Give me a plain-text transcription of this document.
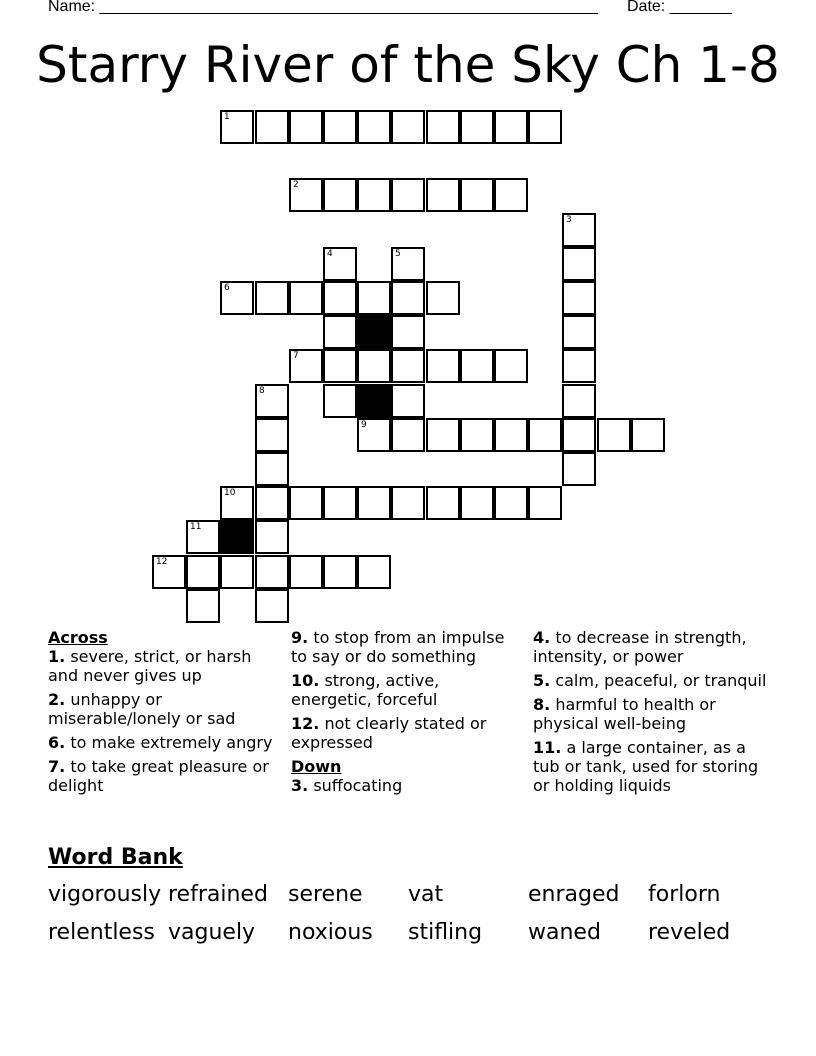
Name: ________________________________________________________ Date: _______
Starry River of the Sky Ch 1-8
1
2
3
4	5
6
7
8
9
10
11
12
Across
1. severe, strict, or harsh and never gives up
2. unhappy or miserable/lonely or sad
6. to make extremely angry
7. to take great pleasure or delight
9. to stop from an impulse to say or do something
10. strong, active, energetic, forceful
12. not clearly stated or expressed
Down
3. suffocating
4. to decrease in strength, intensity, or power
5. calm, peaceful, or tranquil
8. harmful to health or physical well-being
11. a large container, as a tub or tank, used for storing or holding liquids
Word Bank
vigorously refrained serene	vat	enraged	forlorn
relentless vaguely	noxious	stifling	waned	reveled
